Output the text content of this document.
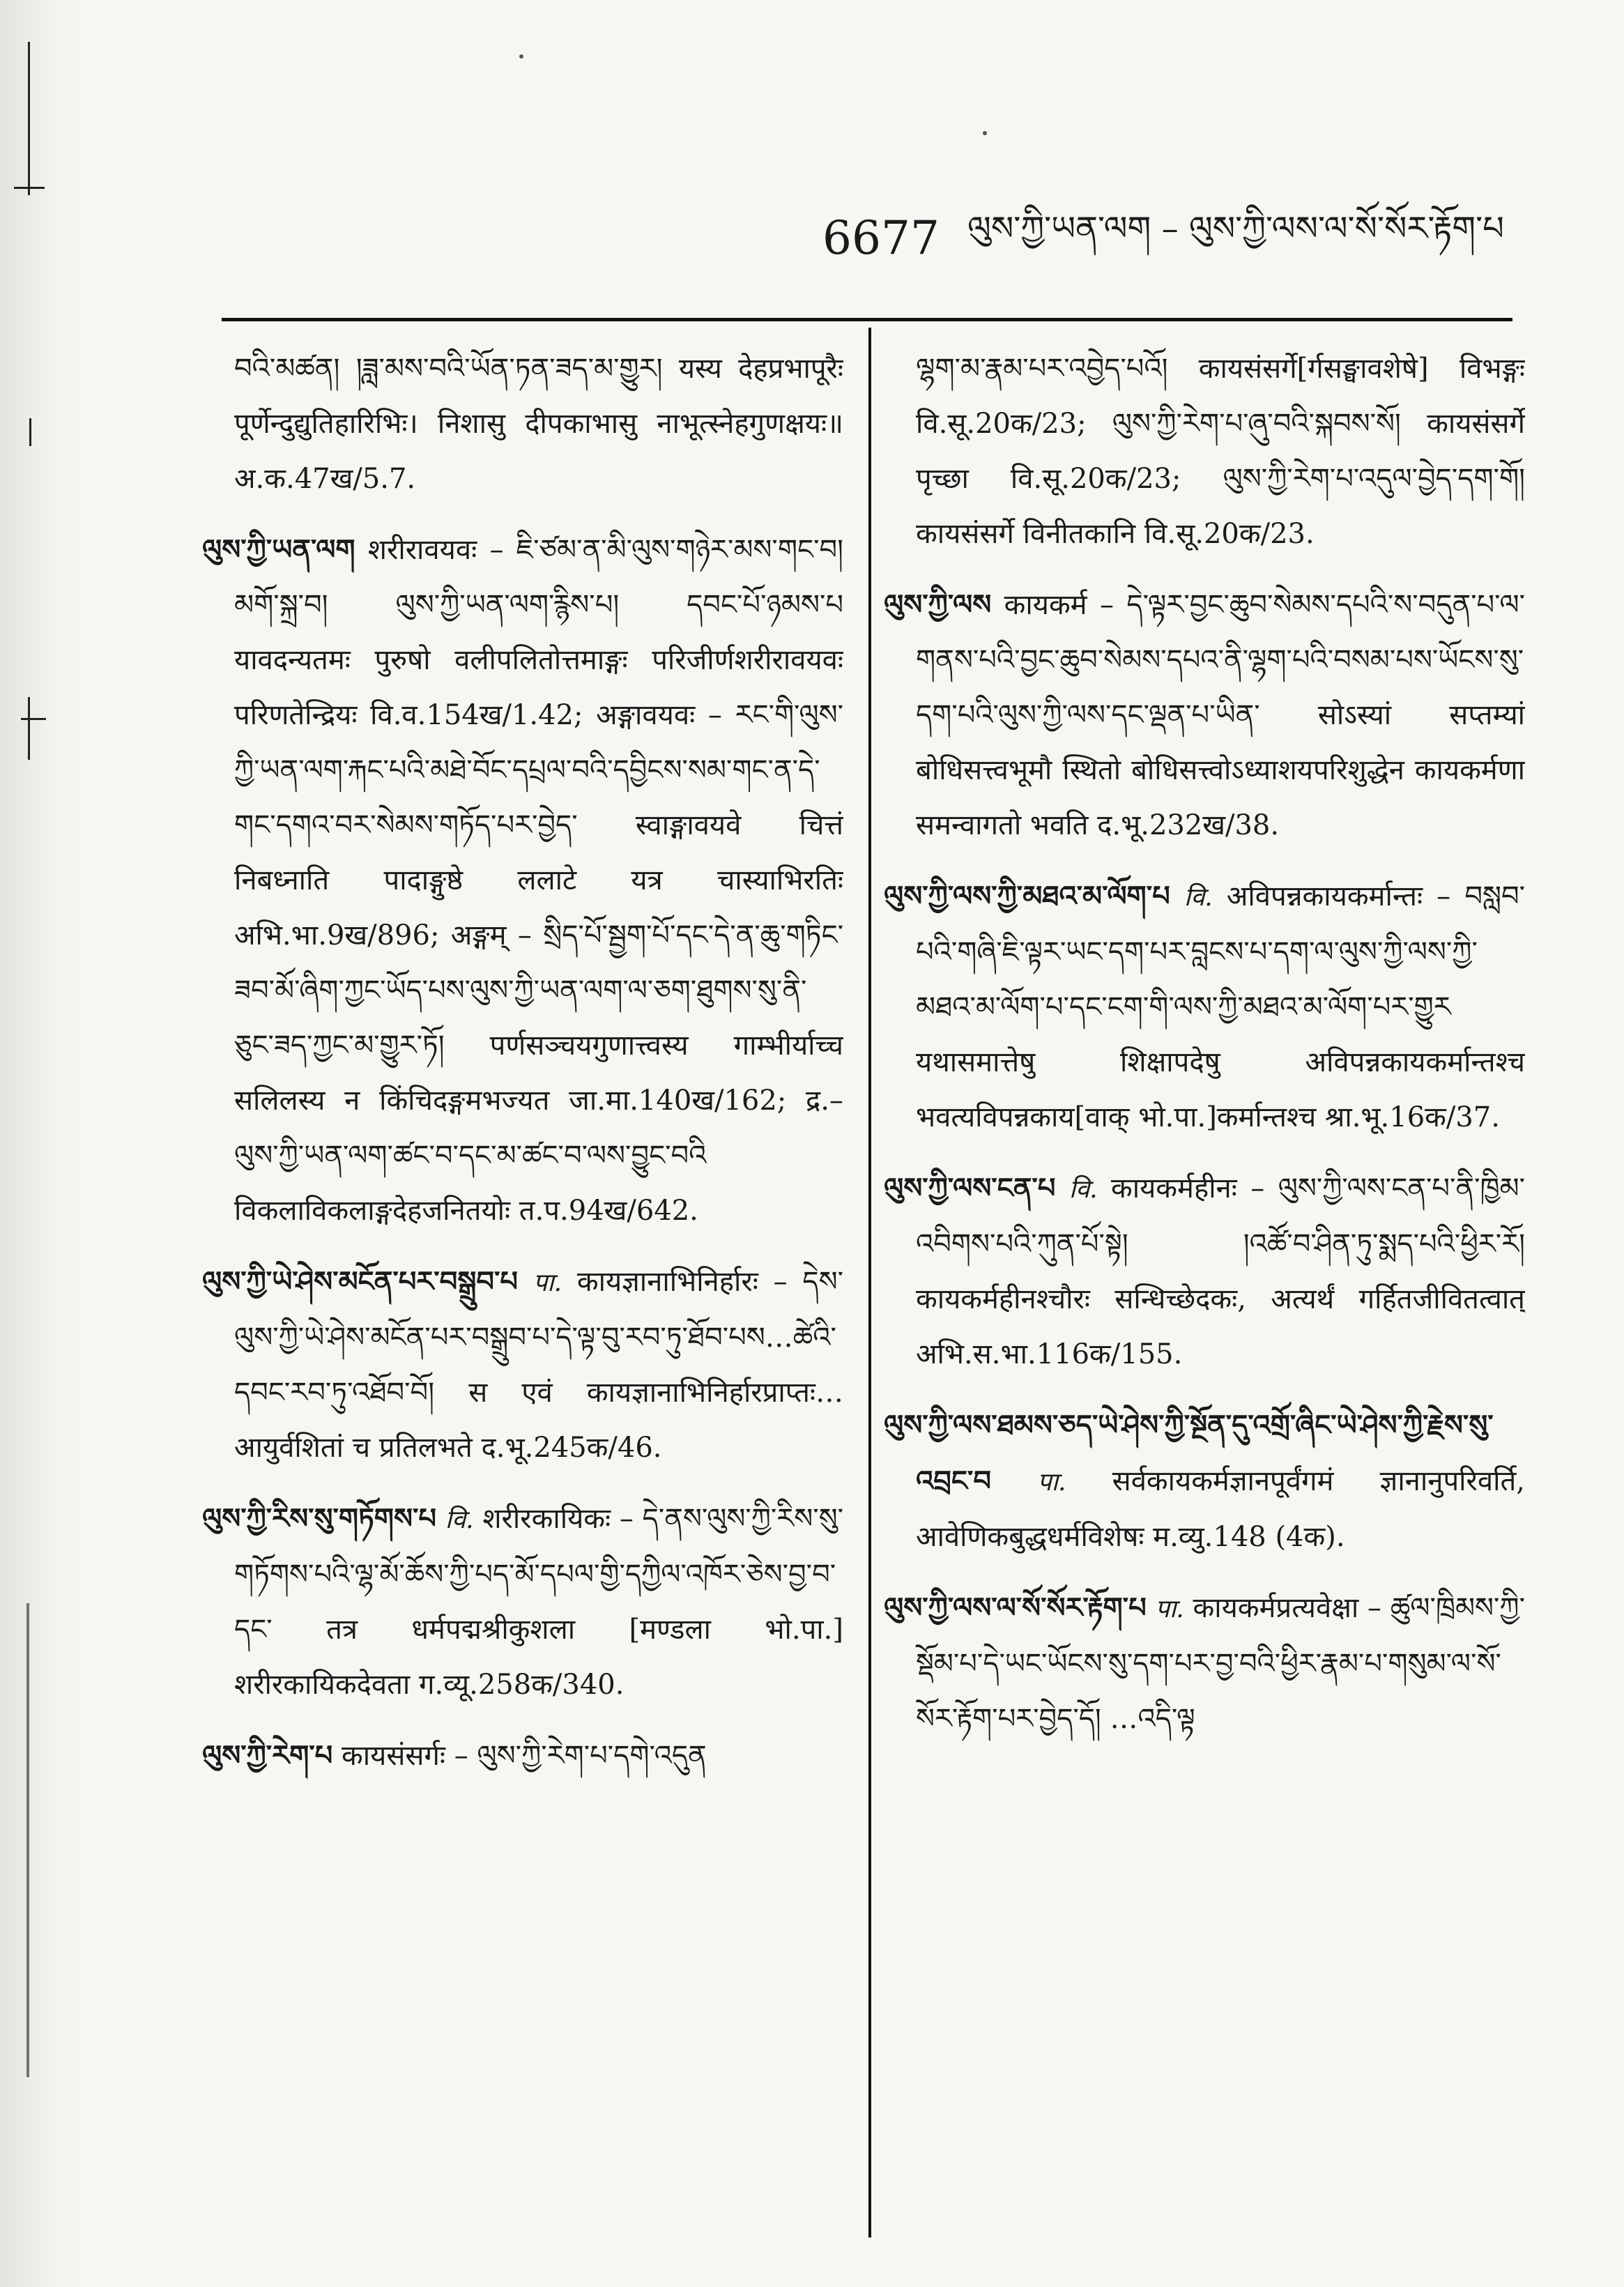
6677 ལུས་ཀྱི་ཡན་ལག – ལུས་ཀྱི་ལས་ལ་སོ་སོར་རྟོག་པ

བའི་མཚན། །ཟླ་མས་བའི་ཡོན་ཏན་ཟད་མ་གྱུར། यस्य देहप्रभापूरैः पूर्णेन्दुद्युतिहारिभिः। निशासु दीपकाभासु नाभूत्स्नेहगुणक्षयः॥ अ.क.47ख/5.7.

ལུས་ཀྱི་ཡན་ལག शरीरावयवः – ཇི་ཙམ་ན་མི་ལུས་གཉེར་མས་གང་བ། མགོ་སྐྲ་བ། ལུས་ཀྱི་ཡན་ལག་རྙིས་པ། དབང་པོ་ཉམས་པ यावदन्यतमः पुरुषो वलीपलितोत्तमाङ्गः परिजीर्णशरीरावयवः परिणतेन्द्रियः वि.व.154ख/1.42; अङ्गावयवः – རང་གི་ལུས་ཀྱི་ཡན་ལག་རྐང་པའི་མཐེ་བོང་དཔྲལ་བའི་དབྱིངས་སམ་གང་ན་དེ་གང་དགའ་བར་སེམས་གཏོད་པར་བྱེད་ स्वाङ्गावयवे चित्तं निबध्नाति पादाङ्गुष्ठे ललाटे यत्र चास्याभिरतिः अभि.भा.9ख/896; अङ्गम् – སྲིད་པོ་སྦྱག་པོ་དང་དེ་ན་ཆུ་གཏིང་ཟབ་མོ་ཞིག་ཀྱང་ཡོད་པས་ལུས་ཀྱི་ཡན་ལག་ལ་ཅག་ཐུགས་སུ་ནི་ཅུང་ཟད་ཀྱང་མ་གྱུར་ཏོ། पर्णसञ्चयगुणात्त्वस्य गाम्भीर्याच्च सलिलस्य न किंचिदङ्गमभज्यत जा.मा.140ख/162; द्र.– ལུས་ཀྱི་ཡན་ལག་ཚང་བ་དང་མ་ཚང་བ་ལས་བྱུང་བའི विकलाविकलाङ्गदेहजनितयोः त.प.94ख/642.

ལུས་ཀྱི་ཡེ་ཤེས་མངོན་པར་བསྒྲུབ་པ पा. कायज्ञानाभिनिर्हारः – དེས་ལུས་ཀྱི་ཡེ་ཤེས་མངོན་པར་བསྒྲུབ་པ་དེ་ལྟ་བུ་རབ་ཏུ་ཐོབ་པས…ཚེའི་དབང་རབ་ཏུ་འཐོབ་བོ། स एवं कायज्ञानाभिनिर्हारप्राप्तः…आयुर्वशितां च प्रतिलभते द.भू.245क/46.

ལུས་ཀྱི་རིས་སུ་གཏོགས་པ वि. शरीरकायिकः – དེ་ནས་ལུས་ཀྱི་རིས་སུ་གཏོགས་པའི་ལྷ་མོ་ཆོས་ཀྱི་པད་མོ་དཔལ་གྱི་དཀྱིལ་འཁོར་ཅེས་བྱ་བ་དང་ तत्र धर्मपद्मश्रीकुशला [मण्डला भो.पा.] शरीरकायिकदेवता ग.व्यू.258क/340.

ལུས་ཀྱི་རེག་པ कायसंसर्गः – ལུས་ཀྱི་རེག་པ་དགེ་འདུན

ལྷག་མ་རྣམ་པར་འབྱེད་པའོ། कायसंसर्गे[र्गसङ्घावशेषे] विभङ्गः वि.सू.20क/23; ལུས་ཀྱི་རེག་པ་ཞུ་བའི་སྐབས་སོ། कायसंसर्गे पृच्छा वि.सू.20क/23; ལུས་ཀྱི་རེག་པ་འདུལ་བྱེད་དག་གོ། कायसंसर्गे विनीतकानि वि.सू.20क/23.

ལུས་ཀྱི་ལས कायकर्म – དེ་ལྟར་བྱང་ཆུབ་སེམས་དཔའི་ས་བདུན་པ་ལ་གནས་པའི་བྱང་ཆུབ་སེམས་དཔའ་ནི་ལྷག་པའི་བསམ་པས་ཡོངས་སུ་དག་པའི་ལུས་ཀྱི་ལས་དང་ལྡན་པ་ཡིན་ सोऽस्यां सप्तम्यां बोधिसत्त्वभूमौ स्थितो बोधिसत्त्वोऽध्याशयपरिशुद्धेन कायकर्मणा समन्वागतो भवति द.भू.232ख/38.

ལུས་ཀྱི་ལས་ཀྱི་མཐའ་མ་ལོག་པ वि. अविपन्नकायकर्मान्तः – བསླབ་པའི་གཞི་ཇི་ལྟར་ཡང་དག་པར་བླངས་པ་དག་ལ་ལུས་ཀྱི་ལས་ཀྱི་མཐའ་མ་ལོག་པ་དང་ངག་གི་ལས་ཀྱི་མཐའ་མ་ལོག་པར་གྱུར यथासमात्तेषु शिक्षापदेषु अविपन्नकायकर्मान्तश्च भवत्यविपन्नकाय[वाक् भो.पा.]कर्मान्तश्च श्रा.भू.16क/37.

ལུས་ཀྱི་ལས་ངན་པ वि. कायकर्महीनः – ལུས་ཀྱི་ལས་ངན་པ་ནི་ཁྱིམ་འབིགས་པའི་ཀུན་པོ་སྟེ། །འཚོ་བ་ཤིན་ཏུ་སྨད་པའི་ཕྱིར་རོ། कायकर्महीनश्चौरः सन्धिच्छेदकः, अत्यर्थं गर्हितजीवितत्वात् अभि.स.भा.116क/155.

ལུས་ཀྱི་ལས་ཐམས་ཅད་ཡེ་ཤེས་ཀྱི་སྔོན་དུ་འགྲོ་ཞིང་ཡེ་ཤེས་ཀྱི་རྗེས་སུ་འབྲང་བ पा. सर्वकायकर्मज्ञानपूर्वंगमं ज्ञानानुपरिवर्ति, आवेणिकबुद्धधर्मविशेषः म.व्यु.148 (4क).

ལུས་ཀྱི་ལས་ལ་སོ་སོར་རྟོག་པ पा. कायकर्मप्रत्यवेक्षा – ཚུལ་ཁྲིམས་ཀྱི་སྡོམ་པ་དེ་ཡང་ཡོངས་སུ་དག་པར་བྱ་བའི་ཕྱིར་རྣམ་པ་གསུམ་ལ་སོ་སོར་རྟོག་པར་བྱེད་དོ། …འདི་ལྟ
